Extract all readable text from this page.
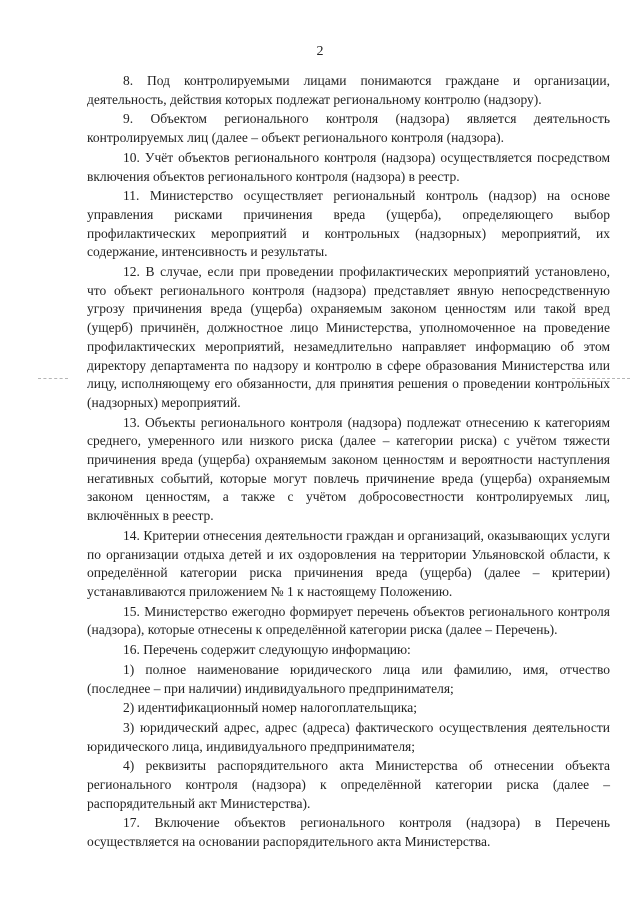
2

8. Под контролируемыми лицами понимаются граждане и организации, деятельность, действия которых подлежат региональному контролю (надзору).

9. Объектом регионального контроля (надзора) является деятельность контролируемых лиц (далее – объект регионального контроля (надзора).

10. Учёт объектов регионального контроля (надзора) осуществляется посредством включения объектов регионального контроля (надзора) в реестр.

11. Министерство осуществляет региональный контроль (надзор) на основе управления рисками причинения вреда (ущерба), определяющего выбор профилактических мероприятий и контрольных (надзорных) мероприятий, их содержание, интенсивность и результаты.

12. В случае, если при проведении профилактических мероприятий установлено, что объект регионального контроля (надзора) представляет явную непосредственную угрозу причинения вреда (ущерба) охраняемым законом ценностям или такой вред (ущерб) причинён, должностное лицо Министерства, уполномоченное на проведение профилактических мероприятий, незамедлительно направляет информацию об этом директору департамента по надзору и контролю в сфере образования Министерства или лицу, исполняющему его обязанности, для принятия решения о проведении контрольных (надзорных) мероприятий.

13. Объекты регионального контроля (надзора) подлежат отнесению к категориям среднего, умеренного или низкого риска (далее – категории риска) с учётом тяжести причинения вреда (ущерба) охраняемым законом ценностям и вероятности наступления негативных событий, которые могут повлечь причинение вреда (ущерба) охраняемым законом ценностям, а также с учётом добросовестности контролируемых лиц, включённых в реестр.

14. Критерии отнесения деятельности граждан и организаций, оказывающих услуги по организации отдыха детей и их оздоровления на территории Ульяновской области, к определённой категории риска причинения вреда (ущерба) (далее – критерии) устанавливаются приложением № 1 к настоящему Положению.

15. Министерство ежегодно формирует перечень объектов регионального контроля (надзора), которые отнесены к определённой категории риска (далее – Перечень).

16. Перечень содержит следующую информацию:

1) полное наименование юридического лица или фамилию, имя, отчество (последнее – при наличии) индивидуального предпринимателя;

2) идентификационный номер налогоплательщика;

3) юридический адрес, адрес (адреса) фактического осуществления деятельности юридического лица, индивидуального предпринимателя;

4) реквизиты распорядительного акта Министерства об отнесении объекта регионального контроля (надзора) к определённой категории риска (далее – распорядительный акт Министерства).

17. Включение объектов регионального контроля (надзора) в Перечень осуществляется на основании распорядительного акта Министерства.
